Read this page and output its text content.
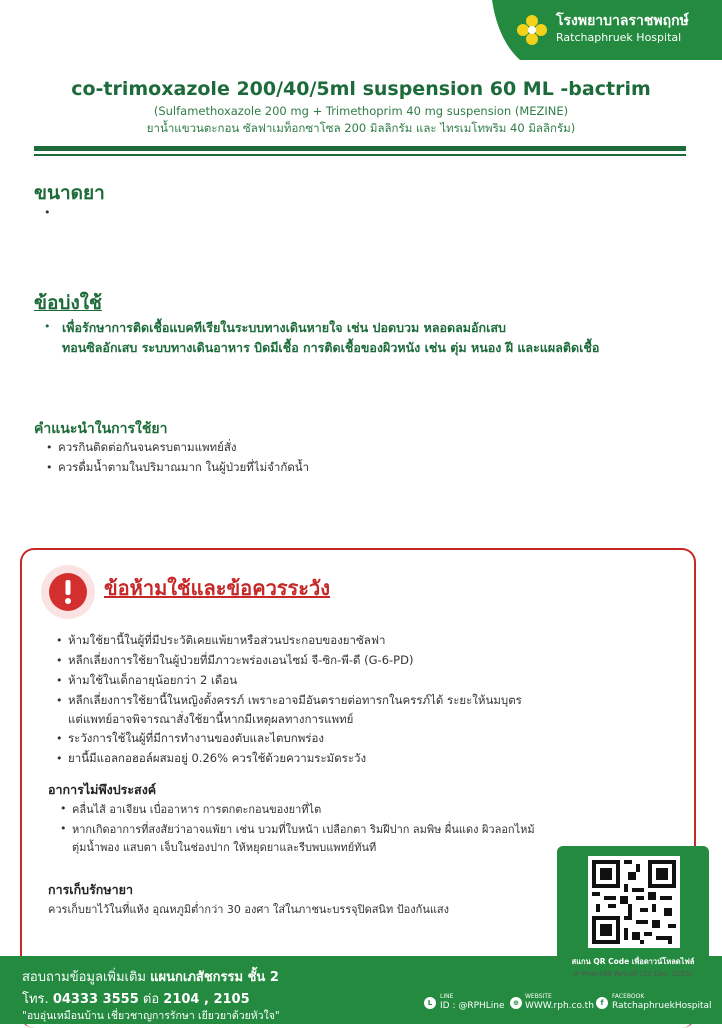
โรงพยาบาลราชพฤกษ์
Ratchaphruek Hospital
co-trimoxazole 200/40/5ml suspension 60 ML -bactrim
(Sulfamethoxazole 200 mg + Trimethoprim 40 mg suspension (MEZINE)
ยาน้ำแขวนตะกอน ซัลฟาเมท็อกซาโซล 200 มิลลิกรัม และ ไทรเมโทพริม 40 มิลลิกรัม)
ขนาดยา
•
ข้อบ่งใช้
• เพื่อรักษาการติดเชื้อแบคทีเรียในระบบทางเดินหายใจ เช่น ปอดบวม หลอดลมอักเสบ
ทอนซิลอักเสบ ระบบทางเดินอาหาร บิดมีเชื้อ การติดเชื้อของผิวหนัง เช่น ตุ่ม หนอง ฝี และแผลติดเชื้อ
คำแนะนำในการใช้ยา
• ควรกินติดต่อกันจนครบตามแพทย์สั่ง
• ควรดื่มน้ำตามในปริมาณมาก ในผู้ป่วยที่ไม่จำกัดน้ำ
ข้อห้ามใช้และข้อควรระวัง
• ห้ามใช้ยานี้ในผู้ที่มีประวัติเคยแพ้ยาหรือส่วนประกอบของยาซัลฟา
• หลีกเลี่ยงการใช้ยาในผู้ป่วยที่มีภาวะพร่องเอนไซม์ จี-ซิก-พี-ดี (G-6-PD)
• ห้ามใช้ในเด็กอายุน้อยกว่า 2 เดือน
• หลีกเลี่ยงการใช้ยานี้ในหญิงตั้งครรภ์ เพราะอาจมีอันตรายต่อทารกในครรภ์ได้ ระยะให้นมบุตร
แต่แพทย์อาจพิจารณาสั่งใช้ยานี้หากมีเหตุผลทางการแพทย์
• ระวังการใช้ในผู้ที่มีการทำงานของตับและไตบกพร่อง
• ยานี้มีแอลกอฮอล์ผสมอยู่ 0.26% ควรใช้ด้วยความระมัดระวัง
อาการไม่พึงประสงค์
• คลื่นไส้ อาเจียน เบื่ออาหาร การตกตะกอนของยาที่ไต
• หากเกิดอาการที่สงสัยว่าอาจแพ้ยา เช่น บวมที่ใบหน้า เปลือกตา ริมฝีปาก ลมพิษ ผื่นแดง ผิวลอกไหม้
ตุ่มน้ำพอง แสบตา เจ็บในช่องปาก ให้หยุดยาและรีบพบแพทย์ทันที
การเก็บรักษายา
ควรเก็บยาไว้ในที่แห้ง อุณหภูมิต่ำกว่า 30 องศา ใส่ในภาชนะบรรจุปิดสนิท ป้องกันแสง
สแกน QR Code เพื่อดาวน์โหลดไฟล์
IF-PHA-498 Rev.00 (22 Dec. 2025)
สอบถามข้อมูลเพิ่มเติม แผนกเภสัชกรรม ชั้น 2
โทร. 04333 3555 ต่อ 2104 , 2105
"อบอุ่นเหมือนบ้าน เชี่ยวชาญการรักษา เยียวยาด้วยหัวใจ"
L
LINE
ID : @RPHLine	⊕
WEBSITE
WWW.rph.co.th f
FACEBOOK
RatchaphruekHospital
